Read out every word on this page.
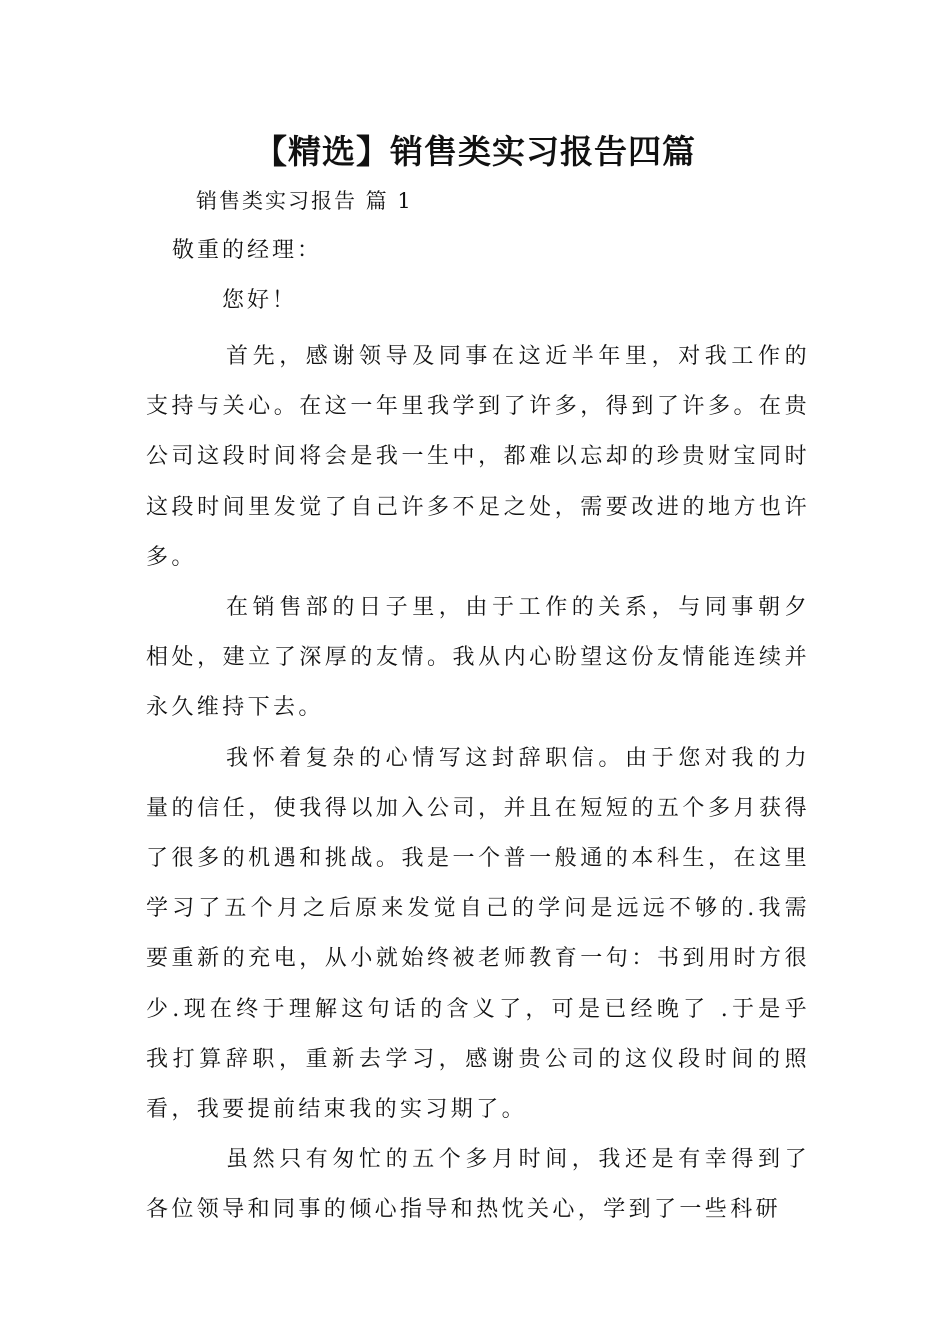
【精选】销售类实习报告四篇

销售类实习报告 篇 1

敬重的经理：

您好！

首先，感谢领导及同事在这近半年里，对我工作的支持与关心。在这一年里我学到了许多，得到了许多。在贵公司这段时间将会是我一生中，都难以忘却的珍贵财宝同时这段时间里发觉了自己许多不足之处，需要改进的地方也许多。

在销售部的日子里，由于工作的关系，与同事朝夕相处，建立了深厚的友情。我从内心盼望这份友情能连续并永久维持下去。

我怀着复杂的心情写这封辞职信。由于您对我的力量的信任，使我得以加入公司，并且在短短的五个多月获得了很多的机遇和挑战。我是一个普一般通的本科生，在这里学习了五个月之后原来发觉自己的学问是远远不够的.我需要重新的充电，从小就始终被老师教育一句：书到用时方很少.现在终于理解这句话的含义了，可是已经晚了 .于是乎我打算辞职，重新去学习，感谢贵公司的这仪段时间的照看，我要提前结束我的实习期了。

虽然只有匆忙的五个多月时间，我还是有幸得到了各位领导和同事的倾心指导和热忱关心，学到了一些科研
